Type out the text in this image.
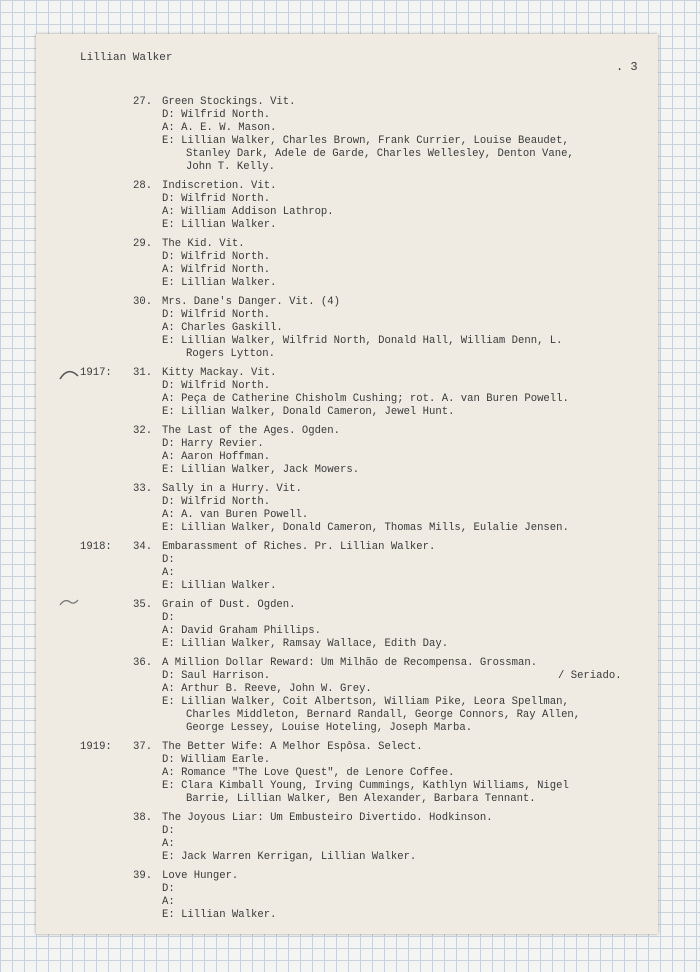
Lillian Walker
. 3
27. Green Stockings. Vit.
D: Wilfrid North.
A: A. E. W. Mason.
E: Lillian Walker, Charles Brown, Frank Currier, Louise Beaudet,
Stanley Dark, Adele de Garde, Charles Wellesley, Denton Vane,
John T. Kelly.
28. Indiscretion. Vit.
D: Wilfrid North.
A: William Addison Lathrop.
E: Lillian Walker.
29. The Kid. Vit.
D: Wilfrid North.
A: Wilfrid North.
E: Lillian Walker.
30. Mrs. Dane's Danger. Vit. (4)
D: Wilfrid North.
A: Charles Gaskill.
E: Lillian Walker, Wilfrid North, Donald Hall, William Denn, L.
Rogers Lytton.
1917: 31. Kitty Mackay. Vit.
D: Wilfrid North.
A: Peça de Catherine Chisholm Cushing; rot. A. van Buren Powell.
E: Lillian Walker, Donald Cameron, Jewel Hunt.
32. The Last of the Ages. Ogden.
D: Harry Revier.
A: Aaron Hoffman.
E: Lillian Walker, Jack Mowers.
33. Sally in a Hurry. Vit.
D: Wilfrid North.
A: A. van Buren Powell.
E: Lillian Walker, Donald Cameron, Thomas Mills, Eulalie Jensen.
1918: 34. Embarassment of Riches. Pr. Lillian Walker.
D:
A:
E: Lillian Walker.
35. Grain of Dust. Ogden.
D:
A: David Graham Phillips.
E: Lillian Walker, Ramsay Wallace, Edith Day.
36. A Million Dollar Reward: Um Milhão de Recompensa. Grossman.
/ Seriado.
D: Saul Harrison.
A: Arthur B. Reeve, John W. Grey.
E: Lillian Walker, Coit Albertson, William Pike, Leora Spellman,
Charles Middleton, Bernard Randall, George Connors, Ray Allen,
George Lessey, Louise Hoteling, Joseph Marba.
1919: 37. The Better Wife: A Melhor Espôsa. Select.
D: William Earle.
A: Romance "The Love Quest", de Lenore Coffee.
E: Clara Kimball Young, Irving Cummings, Kathlyn Williams, Nigel
Barrie, Lillian Walker, Ben Alexander, Barbara Tennant.
38. The Joyous Liar: Um Embusteiro Divertido. Hodkinson.
D:
A:
E: Jack Warren Kerrigan, Lillian Walker.
39. Love Hunger.
D:
A:
E: Lillian Walker.
